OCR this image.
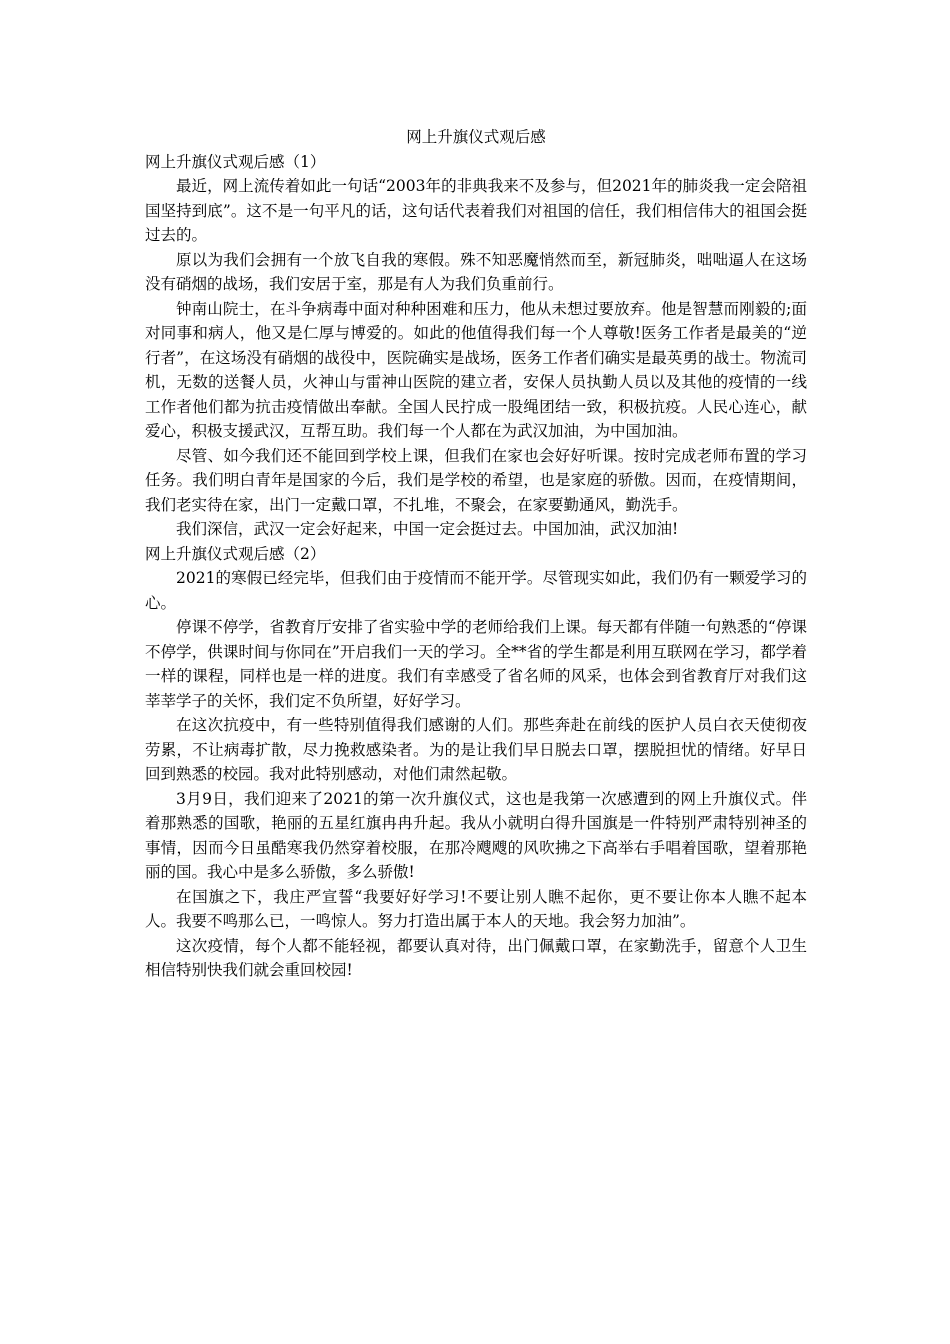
网上升旗仪式观后感
网上升旗仪式观后感（1）

最近，网上流传着如此一句话“2003年的非典我来不及参与，但2021年的肺炎我一定会陪祖国坚持到底”。这不是一句平凡的话，这句话代表着我们对祖国的信任，我们相信伟大的祖国会挺过去的。

原以为我们会拥有一个放飞自我的寒假。殊不知恶魔悄然而至，新冠肺炎，咄咄逼人在这场没有硝烟的战场，我们安居于室，那是有人为我们负重前行。

钟南山院士，在斗争病毒中面对种种困难和压力，他从未想过要放弃。他是智慧而刚毅的;面对同事和病人，他又是仁厚与博爱的。如此的他值得我们每一个人尊敬!医务工作者是最美的“逆行者”，在这场没有硝烟的战役中，医院确实是战场，医务工作者们确实是最英勇的战士。物流司机，无数的送餐人员，火神山与雷神山医院的建立者，安保人员执勤人员以及其他的疫情的一线工作者他们都为抗击疫情做出奉献。全国人民拧成一股绳团结一致，积极抗疫。人民心连心，献爱心，积极支援武汉，互帮互助。我们每一个人都在为武汉加油，为中国加油。

尽管、如今我们还不能回到学校上课，但我们在家也会好好听课。按时完成老师布置的学习任务。我们明白青年是国家的今后，我们是学校的希望，也是家庭的骄傲。因而，在疫情期间，我们老实待在家，出门一定戴口罩，不扎堆，不聚会，在家要勤通风，勤洗手。

我们深信，武汉一定会好起来，中国一定会挺过去。中国加油，武汉加油!

网上升旗仪式观后感（2）

2021的寒假已经完毕，但我们由于疫情而不能开学。尽管现实如此，我们仍有一颗爱学习的心。

停课不停学，省教育厅安排了省实验中学的老师给我们上课。每天都有伴随一句熟悉的“停课不停学，供课时间与你同在”开启我们一天的学习。全**省的学生都是利用互联网在学习，都学着一样的课程，同样也是一样的进度。我们有幸感受了省名师的风采，也体会到省教育厅对我们这莘莘学子的关怀，我们定不负所望，好好学习。

在这次抗疫中，有一些特别值得我们感谢的人们。那些奔赴在前线的医护人员白衣天使彻夜劳累，不让病毒扩散，尽力挽救感染者。为的是让我们早日脱去口罩，摆脱担忧的情绪。好早日回到熟悉的校园。我对此特别感动，对他们肃然起敬。

3月9日，我们迎来了2021的第一次升旗仪式，这也是我第一次感遭到的网上升旗仪式。伴着那熟悉的国歌，艳丽的五星红旗冉冉升起。我从小就明白得升国旗是一件特别严肃特别神圣的事情，因而今日虽酷寒我仍然穿着校服，在那冷飕飕的风吹拂之下高举右手唱着国歌，望着那艳丽的国。我心中是多么骄傲，多么骄傲!

在国旗之下，我庄严宣誓“我要好好学习!不要让别人瞧不起你，更不要让你本人瞧不起本人。我要不鸣那么已，一鸣惊人。努力打造出属于本人的天地。我会努力加油”。

这次疫情，每个人都不能轻视，都要认真对待，出门佩戴口罩，在家勤洗手，留意个人卫生相信特别快我们就会重回校园!
